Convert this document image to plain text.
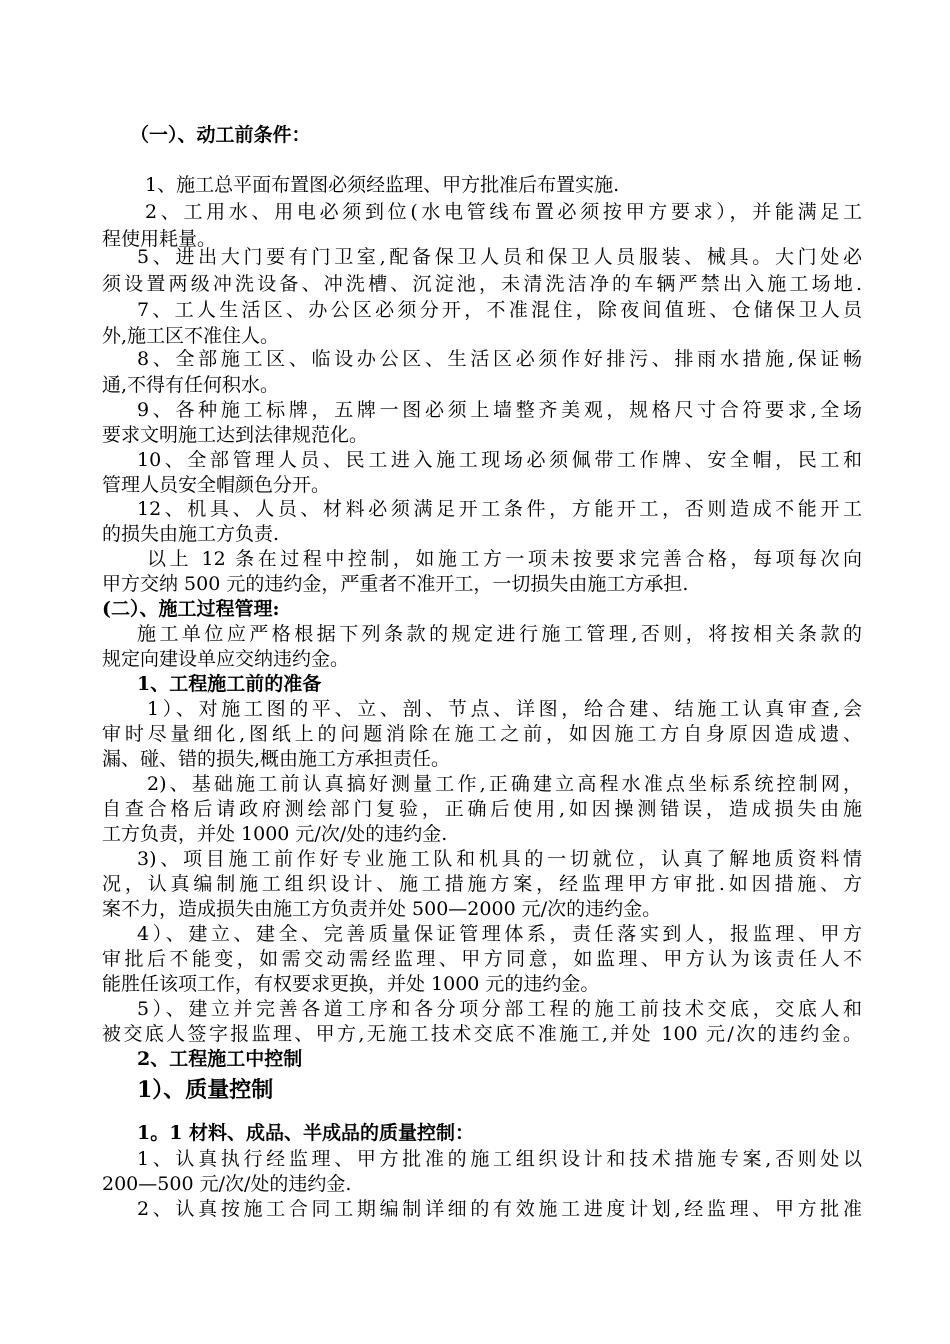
（一）、动工前条件：
1、施工总平面布置图必须经监理、甲方批准后布置实施.
2、工用水、用电必须到位(水电管线布置必须按甲方要求），并能满足工
程使用耗量。
5、进出大门要有门卫室,配备保卫人员和保卫人员服装、械具。大门处必
须设置两级冲洗设备、冲洗槽、沉淀池，未清洗洁净的车辆严禁出入施工场地.
7、工人生活区、办公区必须分开，不准混住，除夜间值班、仓储保卫人员
外,施工区不准住人。
8、全部施工区、临设办公区、生活区必须作好排污、排雨水措施,保证畅
通,不得有任何积水。
9、各种施工标牌，五牌一图必须上墙整齐美观，规格尺寸合符要求,全场
要求文明施工达到法律规范化。
10、全部管理人员、民工进入施工现场必须佩带工作牌、安全帽，民工和
管理人员安全帽颜色分开。
12、机具、人员、材料必须满足开工条件，方能开工，否则造成不能开工
的损失由施工方负责.
以上 12 条在过程中控制，如施工方一项未按要求完善合格，每项每次向
甲方交纳 500 元的违约金，严重者不准开工，一切损失由施工方承担.
(二）、施工过程管理:
施工单位应严格根据下列条款的规定进行施工管理,否则，将按相关条款的
规定向建设单应交纳违约金。
1、工程施工前的准备
1）、对施工图的平、立、剖、节点、详图，给合建、结施工认真审查,会
审时尽量细化,图纸上的问题消除在施工之前，如因施工方自身原因造成遗、
漏、碰、错的损失,概由施工方承担责任。
2)、基础施工前认真搞好测量工作,正确建立高程水准点坐标系统控制网，
自查合格后请政府测绘部门复验，正确后使用,如因操测错误，造成损失由施
工方负责，并处 1000 元/次/处的违约金.
3)、项目施工前作好专业施工队和机具的一切就位，认真了解地质资料情
况，认真编制施工组织设计、施工措施方案，经监理甲方审批.如因措施、方
案不力，造成损失由施工方负责并处 500—2000 元/次的违约金。
4）、建立、建全、完善质量保证管理体系，责任落实到人，报监理、甲方
审批后不能变，如需交动需经监理、甲方同意，如监理、甲方认为该责任人不
能胜任该项工作，有权要求更换，并处 1000 元的违约金。
5）、建立并完善各道工序和各分项分部工程的施工前技术交底，交底人和
被交底人签字报监理、甲方,无施工技术交底不准施工,并处 100 元/次的违约金。
2、工程施工中控制
1）、质量控制
1。1 材料、成品、半成品的质量控制：
1、认真执行经监理、甲方批准的施工组织设计和技术措施专案,否则处以
200—500 元/次/处的违约金.
2、认真按施工合同工期编制详细的有效施工进度计划,经监理、甲方批准
